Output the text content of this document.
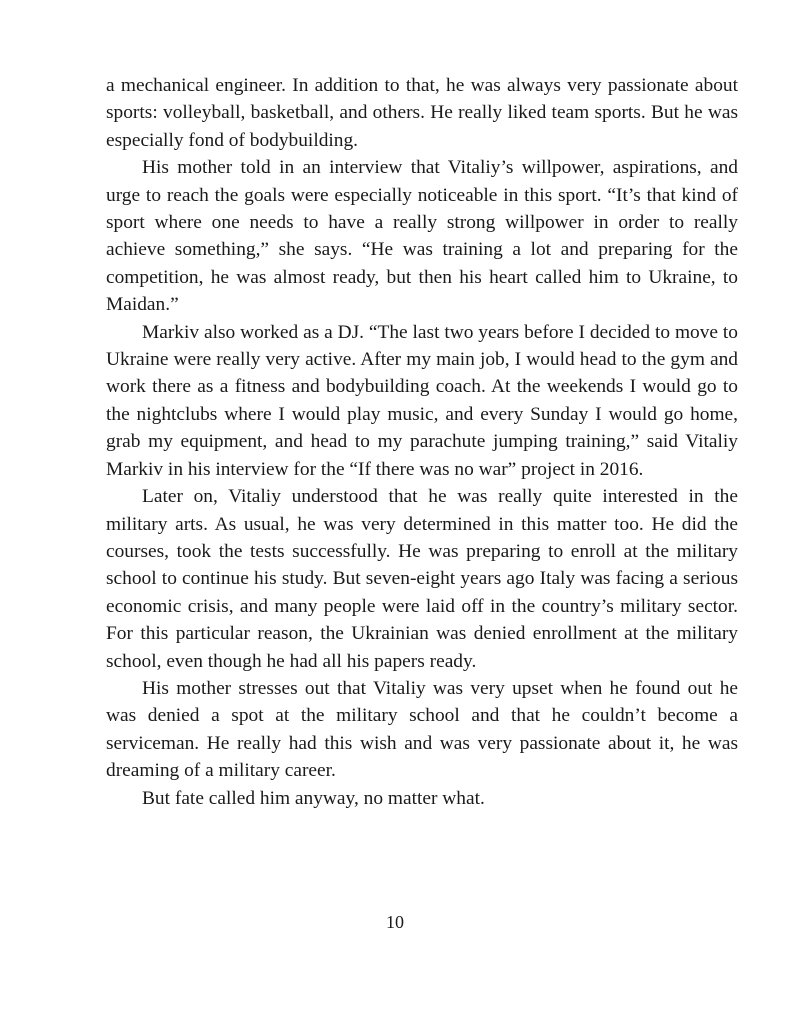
a mechanical engineer. In addition to that, he was always very passionate about sports: volleyball, basketball, and others. He really liked team sports. But he was especially fond of bodybuilding.

His mother told in an interview that Vitaliy’s willpower, aspirations, and urge to reach the goals were especially noticeable in this sport. “It’s that kind of sport where one needs to have a really strong willpower in order to really achieve something,” she says. “He was training a lot and preparing for the competition, he was almost ready, but then his heart called him to Ukraine, to Maidan.”

Markiv also worked as a DJ. “The last two years before I decided to move to Ukraine were really very active. After my main job, I would head to the gym and work there as a fitness and bodybuilding coach. At the weekends I would go to the nightclubs where I would play music, and every Sunday I would go home, grab my equipment, and head to my parachute jumping training,” said Vitaliy Markiv in his interview for the “If there was no war” project in 2016.

Later on, Vitaliy understood that he was really quite interested in the military arts. As usual, he was very determined in this matter too. He did the courses, took the tests successfully. He was preparing to enroll at the military school to continue his study. But seven-eight years ago Italy was facing a serious economic crisis, and many people were laid off in the country’s military sector. For this particular reason, the Ukrainian was denied enrollment at the military school, even though he had all his papers ready.

His mother stresses out that Vitaliy was very upset when he found out he was denied a spot at the military school and that he couldn’t become a serviceman. He really had this wish and was very passionate about it, he was dreaming of a military career.

But fate called him anyway, no matter what.

10
